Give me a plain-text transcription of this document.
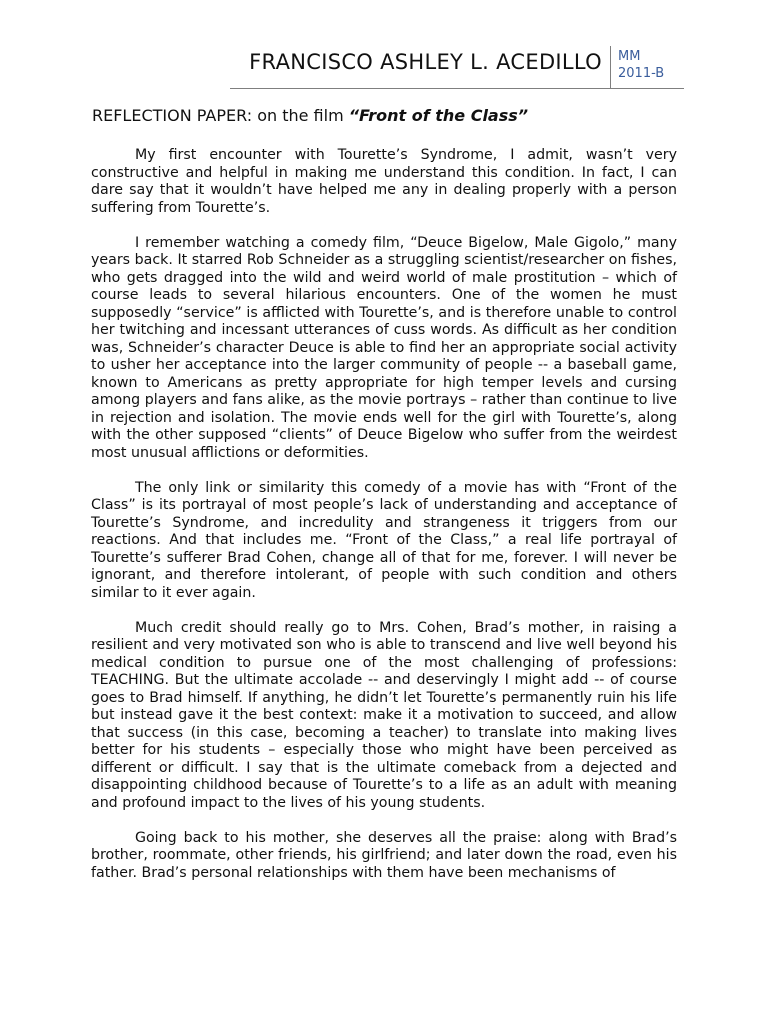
FRANCISCO ASHLEY L. ACEDILLO MM
2011-B
REFLECTION PAPER: on the film “Front of the Class”

My first encounter with Tourette’s Syndrome, I admit, wasn’t very constructive and helpful in making me understand this condition. In fact, I can dare say that it wouldn’t have helped me any in dealing properly with a person suffering from Tourette’s.

I remember watching a comedy film, “Deuce Bigelow, Male Gigolo,” many years back. It starred Rob Schneider as a struggling scientist/researcher on fishes, who gets dragged into the wild and weird world of male prostitution – which of course leads to several hilarious encounters. One of the women he must supposedly “service” is afflicted with Tourette’s, and is therefore unable to control her twitching and incessant utterances of cuss words. As difficult as her condition was, Schneider’s character Deuce is able to find her an appropriate social activity to usher her acceptance into the larger community of people -- a baseball game, known to Americans as pretty appropriate for high temper levels and cursing among players and fans alike, as the movie portrays – rather than continue to live in rejection and isolation. The movie ends well for the girl with Tourette’s, along with the other supposed “clients” of Deuce Bigelow who suffer from the weirdest most unusual afflictions or deformities.

The only link or similarity this comedy of a movie has with “Front of the Class” is its portrayal of most people’s lack of understanding and acceptance of Tourette’s Syndrome, and incredulity and strangeness it triggers from our reactions. And that includes me. “Front of the Class,” a real life portrayal of Tourette’s sufferer Brad Cohen, change all of that for me, forever. I will never be ignorant, and therefore intolerant, of people with such condition and others similar to it ever again.

Much credit should really go to Mrs. Cohen, Brad’s mother, in raising a resilient and very motivated son who is able to transcend and live well beyond his medical condition to pursue one of the most challenging of professions: TEACHING. But the ultimate accolade -- and deservingly I might add -- of course goes to Brad himself. If anything, he didn’t let Tourette’s permanently ruin his life but instead gave it the best context: make it a motivation to succeed, and allow that success (in this case, becoming a teacher) to translate into making lives better for his students – especially those who might have been perceived as different or difficult. I say that is the ultimate comeback from a dejected and disappointing childhood because of Tourette’s to a life as an adult with meaning and profound impact to the lives of his young students.

Going back to his mother, she deserves all the praise: along with Brad’s brother, roommate, other friends, his girlfriend; and later down the road, even his father. Brad’s personal relationships with them have been mechanisms of
